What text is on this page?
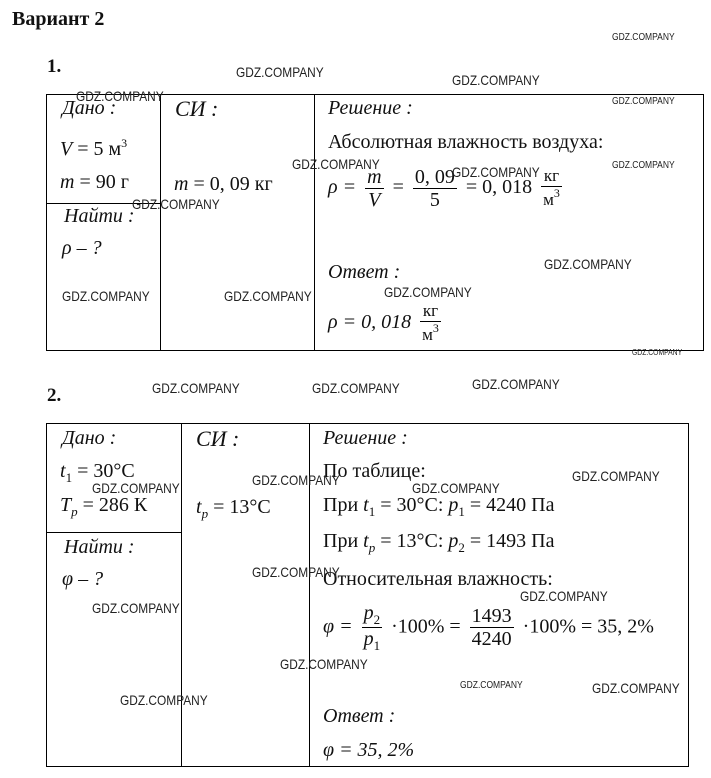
Вариант 2
1.
Дано :
V = 5 $м^3$
m = 90 г
Найти :
ρ – ?
СИ :
m = 0, 09 кг
Решение :
Абсолютная влажность воздуха:
$\rho = \frac{m}{V} = \frac{0, 09}{5} = 0$, $018 \frac{кг}{м^3}$
Ответ :
ρ = 0, $018 \frac{кг}{м^3}$
2.
Дано :
$t_1 = 30^\circ C$
$T_р = 286$ К
Найти :
φ – ?
СИ :
$t_р = 13^\circ C$
Решение :
По таблице:
При $t_1 = 30^\circ C$: $p_1 = 4240$ Па
При $t_р = 13^\circ C$: $p_2 = 1493$ Па
Относительная влажность:
$\varphi = \frac{p_2}{p_1} \cdot 100\% = \frac{1493}{4240} \cdot 100\% = 35$, 2%
Ответ :
φ = 35, 2%
GDZ.COMPANY
GDZ.COMPANY	GDZ.COMPANY
GDZ.COMPANY	GDZ.COMPANY
GDZ.COMPANY	GDZ.COMPANY	GDZ.COMPANY
GDZ.COMPANY
GDZ.COMPANY
GDZ.COMPANY	GDZ.COMPANY	GDZ.COMPANY
GDZ.COMPANY
GDZ.COMPANY	GDZ.COMPANY	GDZ.COMPANY
GDZ.COMPANY
GDZ.COMPANY	GDZ.COMPANY
GDZ.COMPANY
GDZ.COMPANY
GDZ.COMPANY
GDZ.COMPANY
GDZ.COMPANY
GDZ.COMPANY	GDZ.COMPANY
GDZ.COMPANY
